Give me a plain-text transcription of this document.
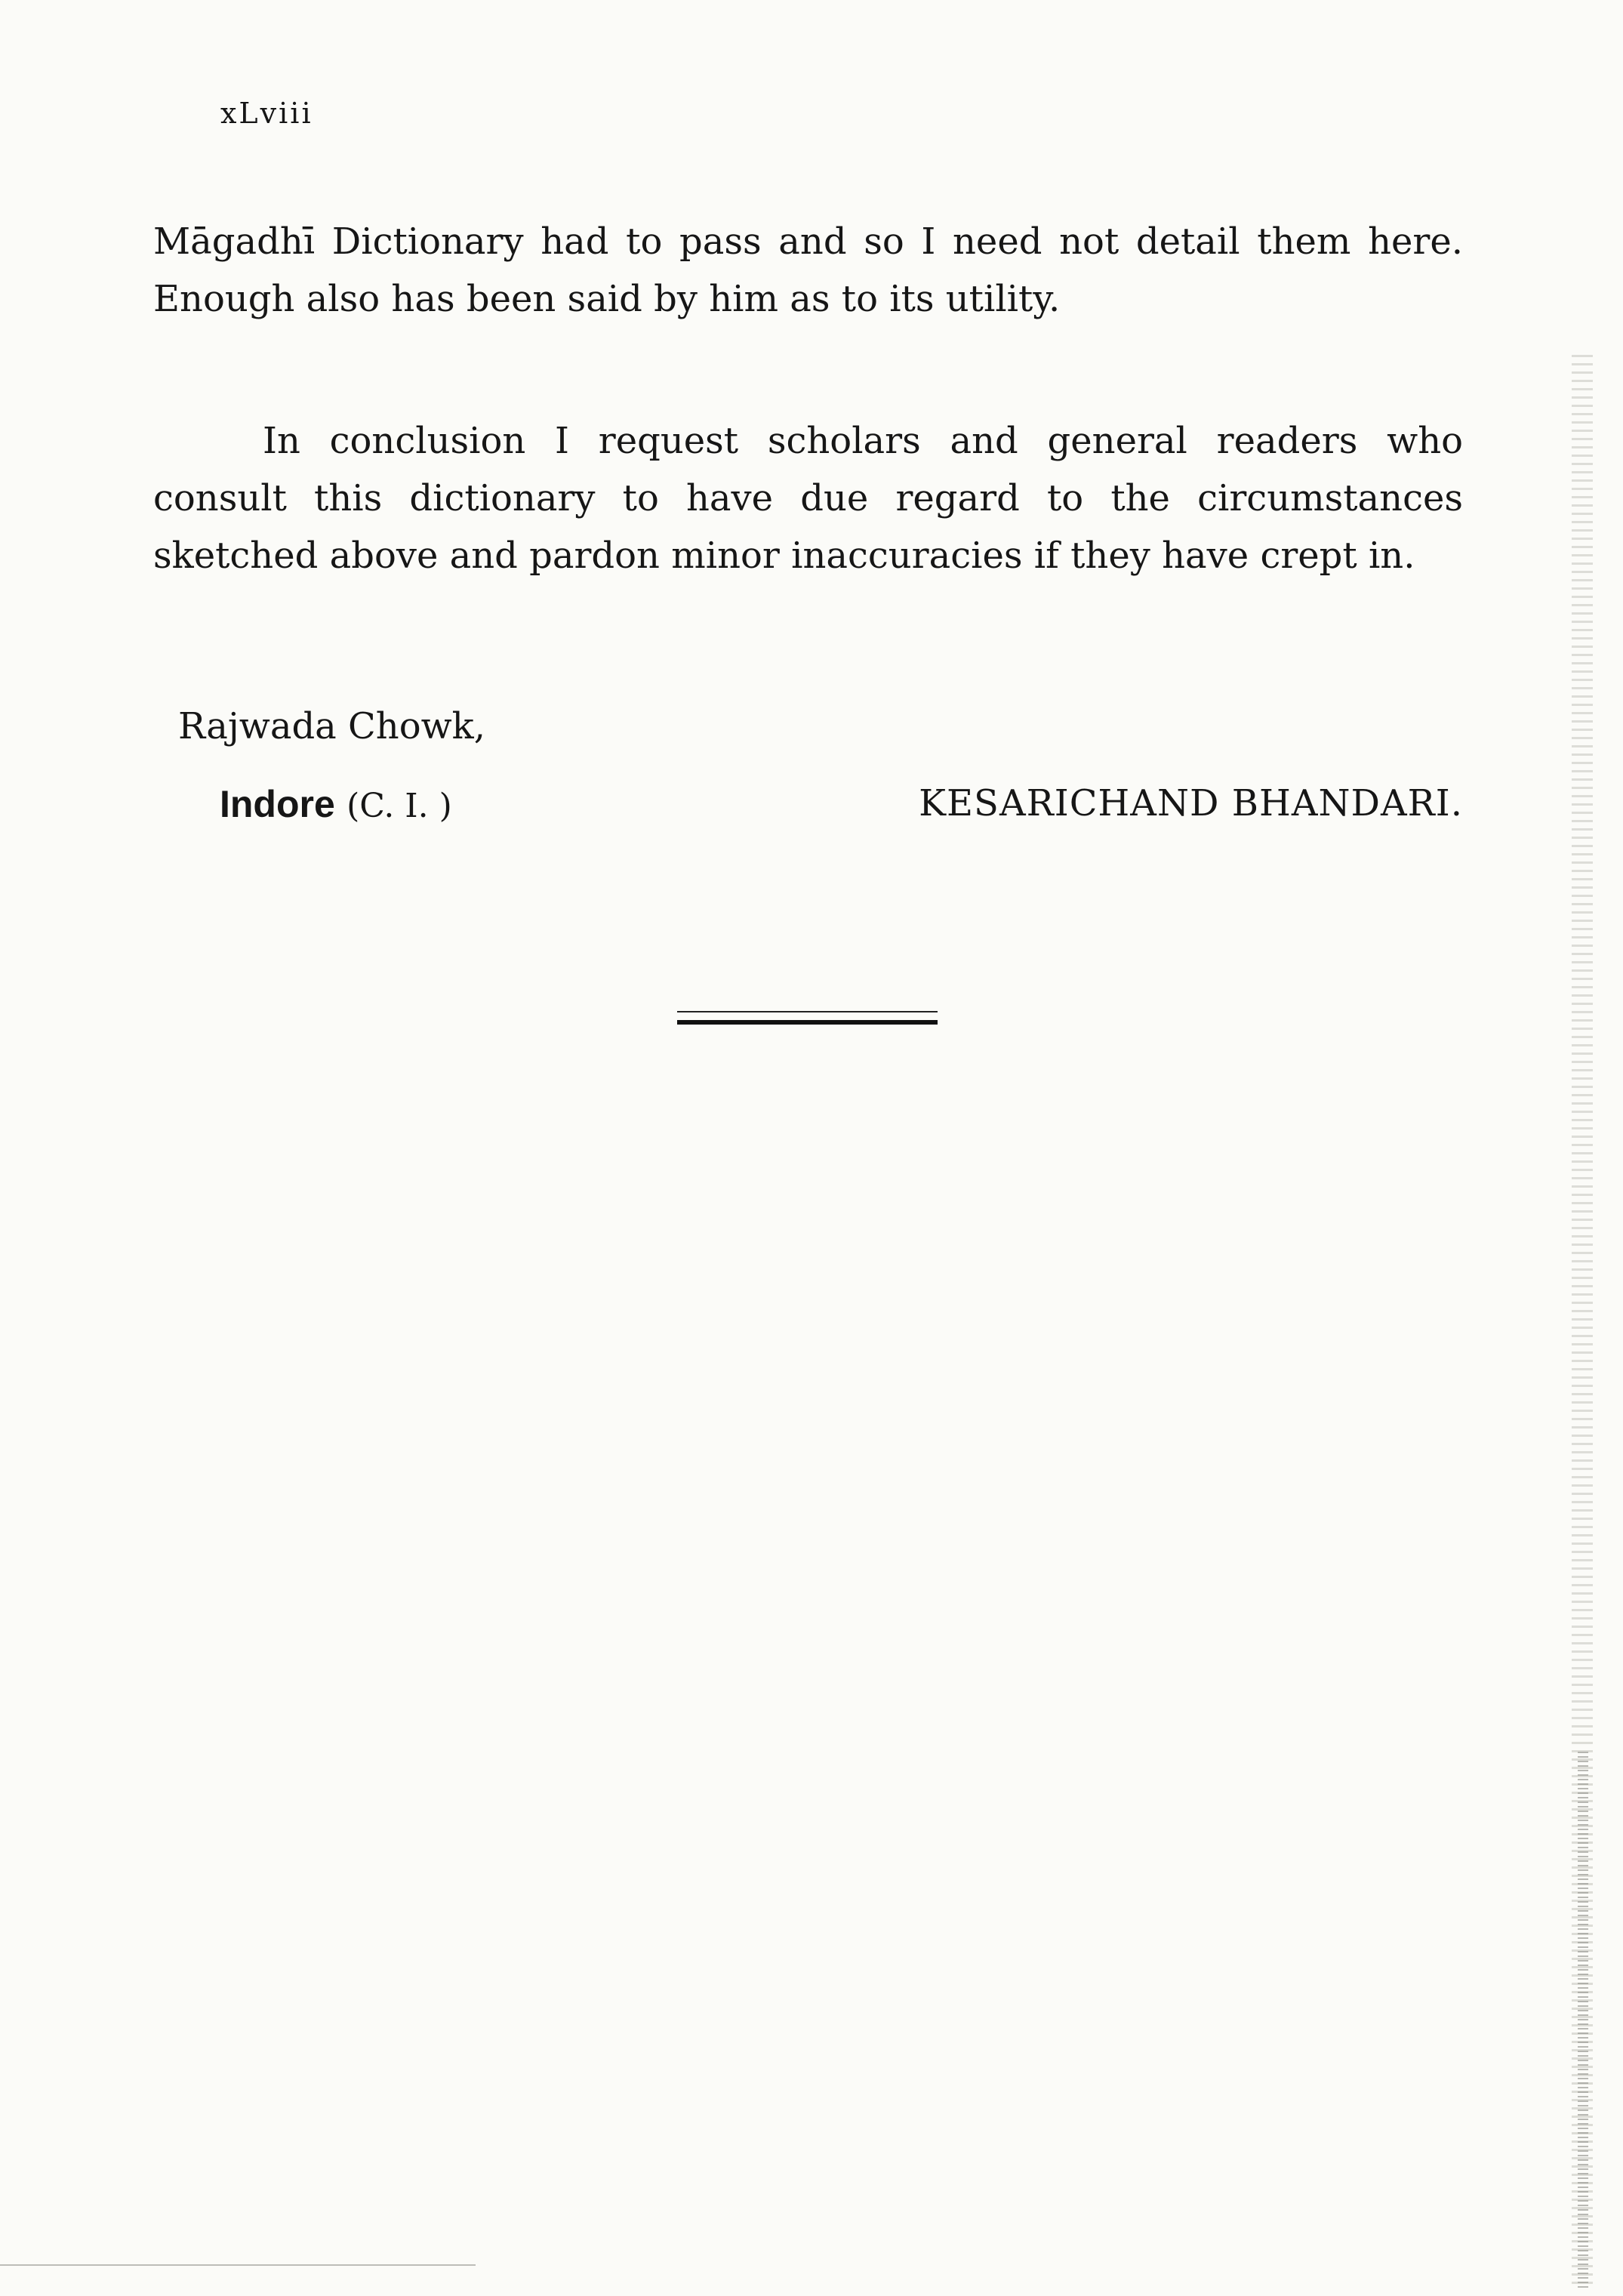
xLviii

Māgadhī Dictionary had to pass and so I need not detail them here. Enough also has been said by him as to its utility.

In conclusion I request scholars and general readers who consult this dictionary to have due regard to the circumstances sketched above and pardon minor inaccuracies if they have crept in.

Rajwada Chowk,
Indore (C. I. )	KESARICHAND BHANDARI.
